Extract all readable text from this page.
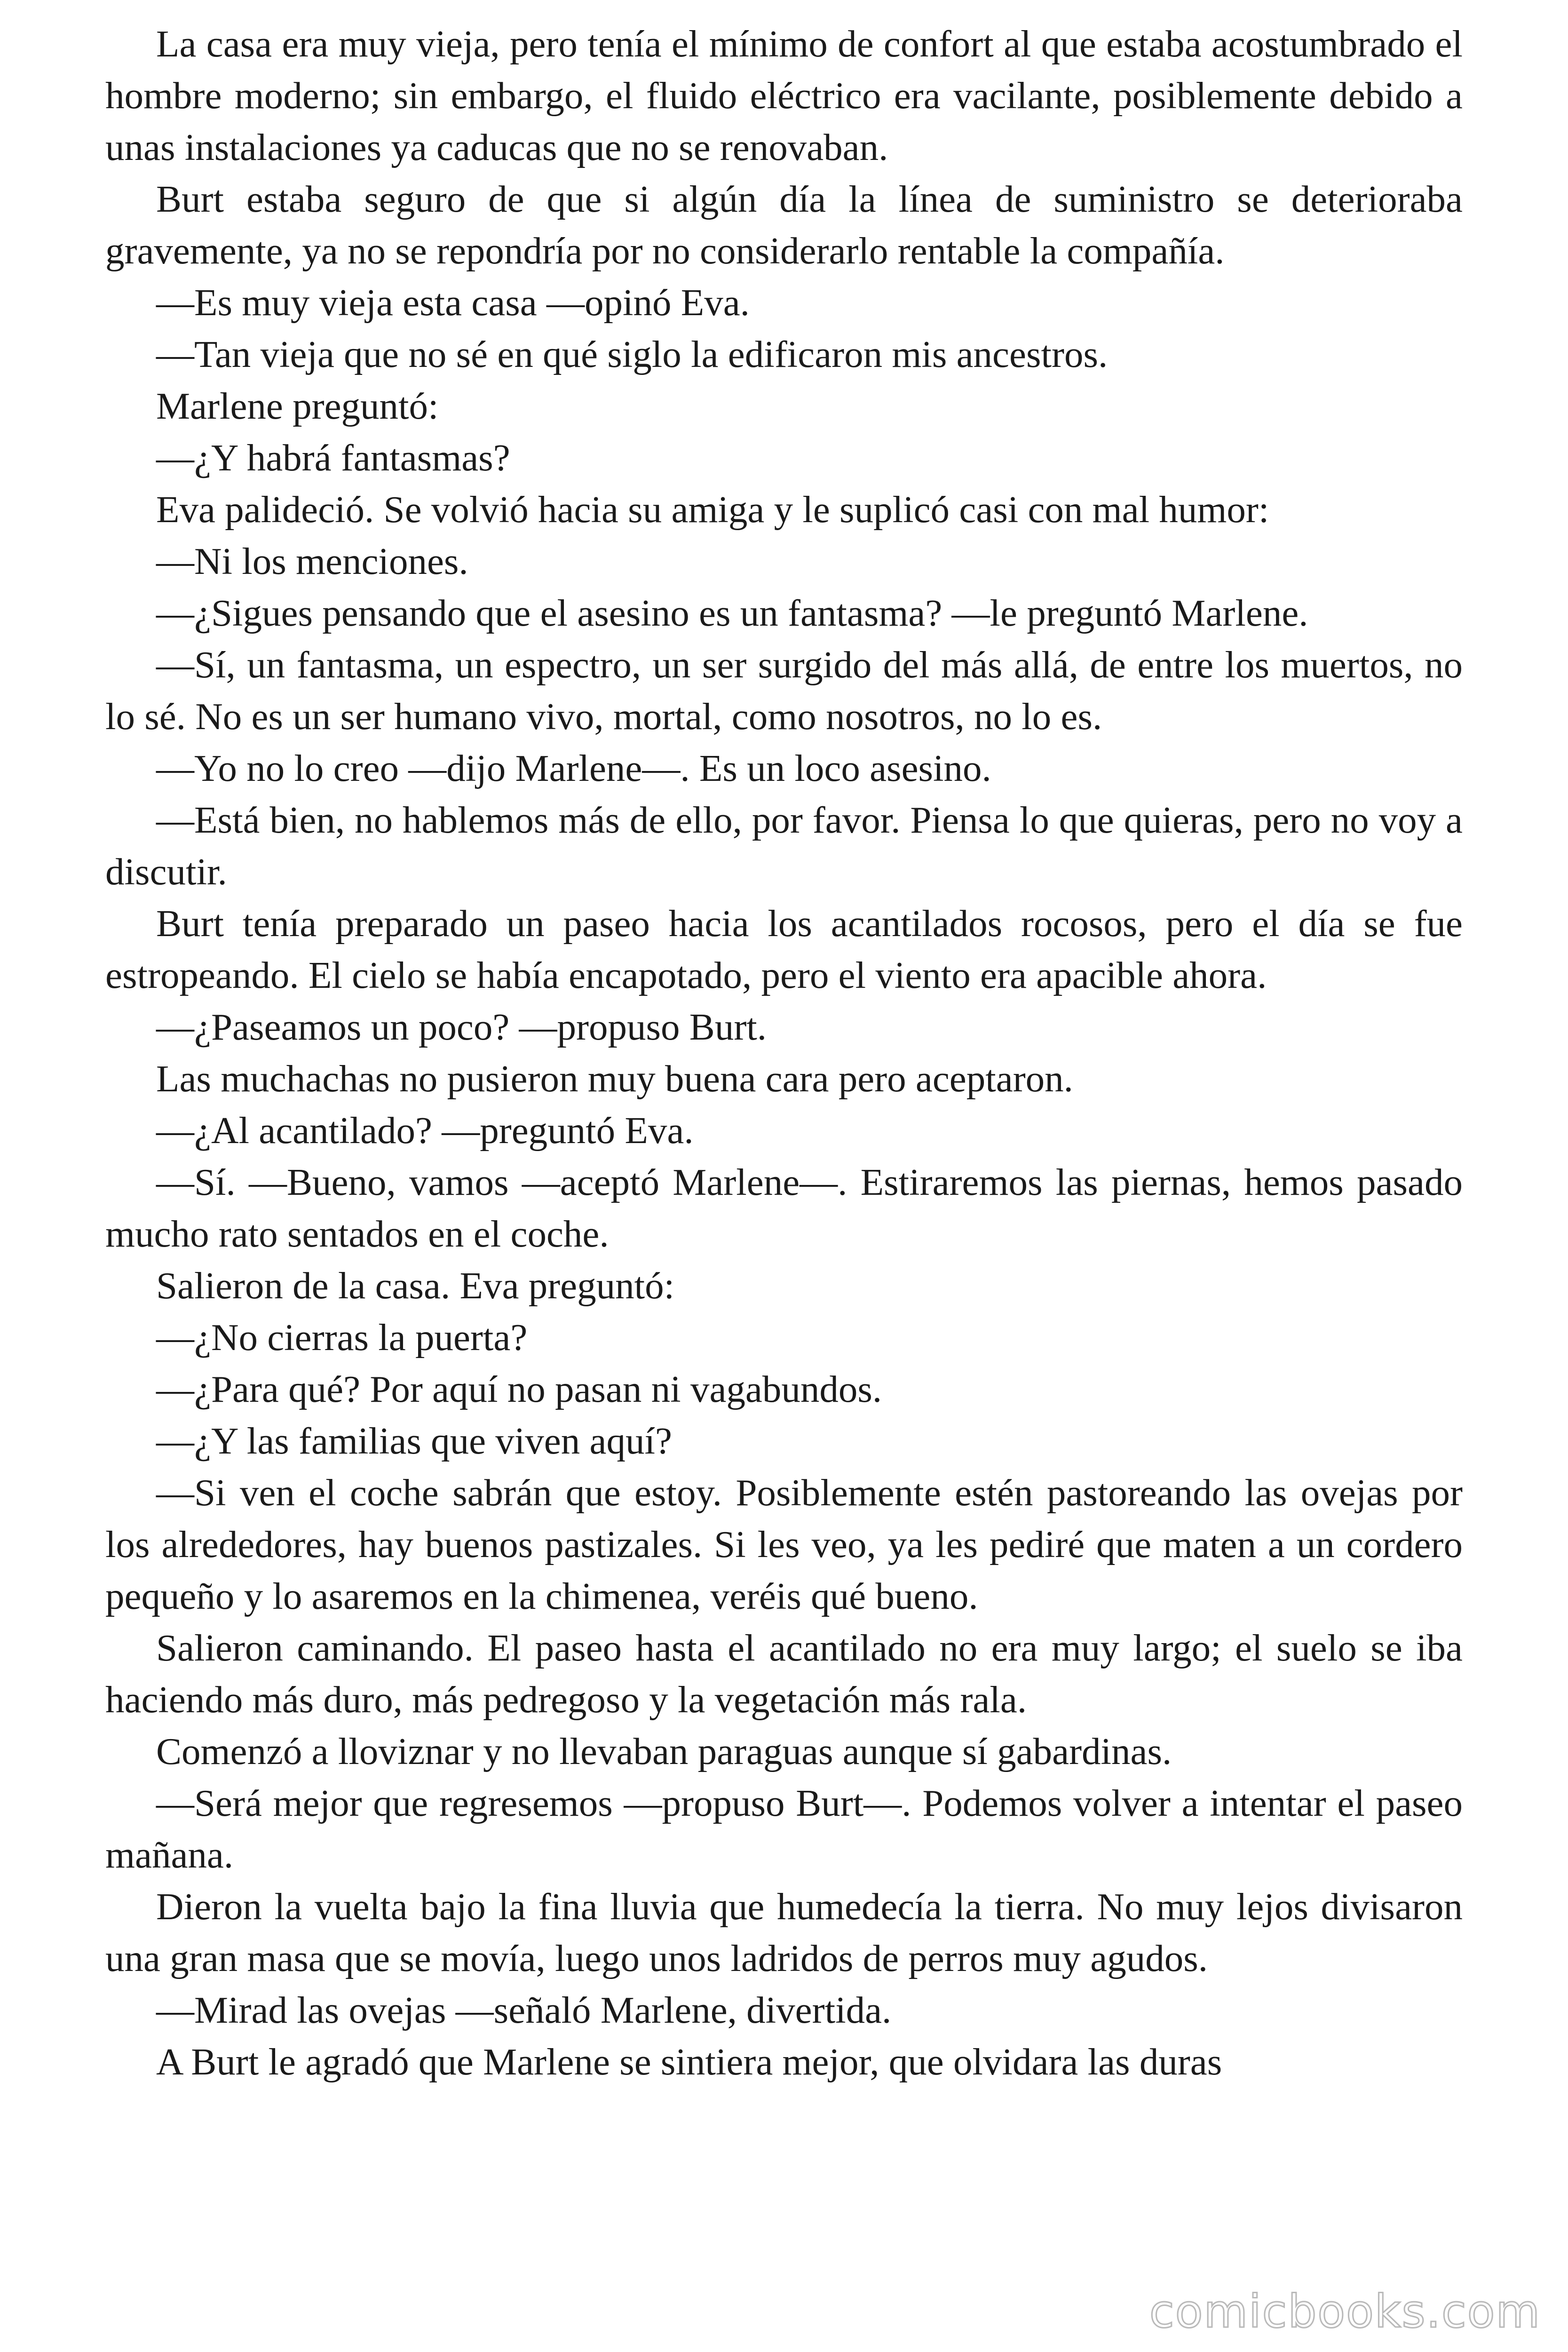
La casa era muy vieja, pero tenía el mínimo de confort al que estaba acostumbrado el hombre moderno; sin embargo, el fluido eléctrico era vacilante, posiblemente debido a unas instalaciones ya caducas que no se renovaban.

Burt estaba seguro de que si algún día la línea de suministro se deterioraba gravemente, ya no se repondría por no considerarlo rentable la compañía.

—Es muy vieja esta casa —opinó Eva.

—Tan vieja que no sé en qué siglo la edificaron mis ancestros.

Marlene preguntó:

—¿Y habrá fantasmas?

Eva palideció. Se volvió hacia su amiga y le suplicó casi con mal humor:

—Ni los menciones.

—¿Sigues pensando que el asesino es un fantasma? —le preguntó Marlene.

—Sí, un fantasma, un espectro, un ser surgido del más allá, de entre los muertos, no lo sé. No es un ser humano vivo, mortal, como nosotros, no lo es.

—Yo no lo creo —dijo Marlene—. Es un loco asesino.

—Está bien, no hablemos más de ello, por favor. Piensa lo que quieras, pero no voy a discutir.

Burt tenía preparado un paseo hacia los acantilados rocosos, pero el día se fue estropeando. El cielo se había encapotado, pero el viento era apacible ahora.

—¿Paseamos un poco? —propuso Burt.

Las muchachas no pusieron muy buena cara pero aceptaron.

—¿Al acantilado? —preguntó Eva.

—Sí. —Bueno, vamos —aceptó Marlene—. Estiraremos las piernas, hemos pasado mucho rato sentados en el coche.

Salieron de la casa. Eva preguntó:

—¿No cierras la puerta?

—¿Para qué? Por aquí no pasan ni vagabundos.

—¿Y las familias que viven aquí?

—Si ven el coche sabrán que estoy. Posiblemente estén pastoreando las ovejas por los alrededores, hay buenos pastizales. Si les veo, ya les pediré que maten a un cordero pequeño y lo asaremos en la chimenea, veréis qué bueno.

Salieron caminando. El paseo hasta el acantilado no era muy largo; el suelo se iba haciendo más duro, más pedregoso y la vegetación más rala.

Comenzó a lloviznar y no llevaban paraguas aunque sí gabardinas.

—Será mejor que regresemos —propuso Burt—. Podemos volver a intentar el paseo mañana.

Dieron la vuelta bajo la fina lluvia que humedecía la tierra. No muy lejos divisaron una gran masa que se movía, luego unos ladridos de perros muy agudos.

—Mirad las ovejas —señaló Marlene, divertida.

A Burt le agradó que Marlene se sintiera mejor, que olvidara las duras

comicbooks.com
